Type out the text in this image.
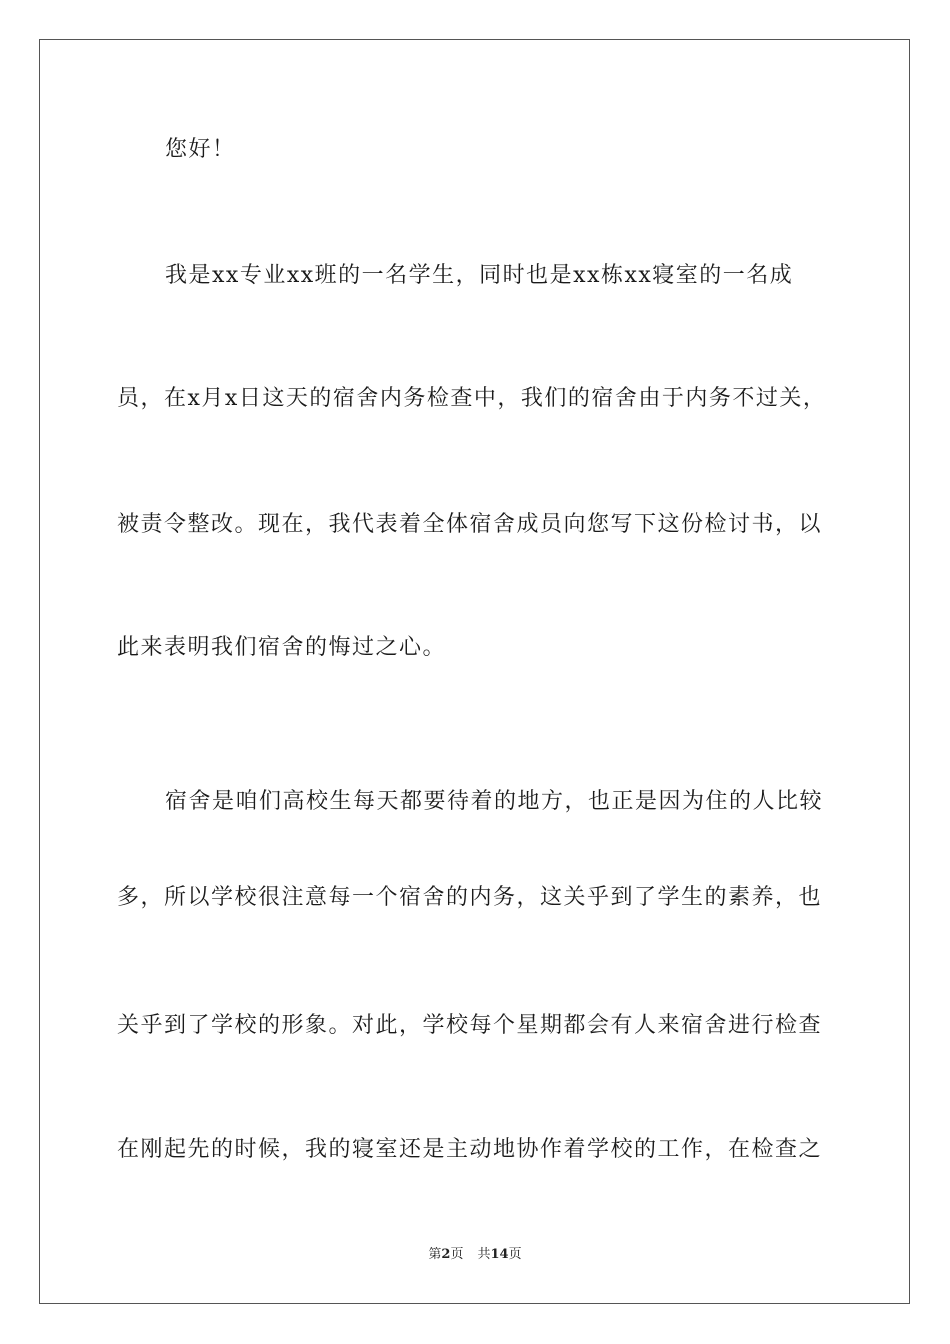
您好！
我是xx专业xx班的一名学生，同时也是xx栋xx寝室的一名成
员，在x月x日这天的宿舍内务检查中，我们的宿舍由于内务不过关，
被责令整改。现在，我代表着全体宿舍成员向您写下这份检讨书，以
此来表明我们宿舍的悔过之心。
宿舍是咱们高校生每天都要待着的地方，也正是因为住的人比较
多，所以学校很注意每一个宿舍的内务，这关乎到了学生的素养，也
关乎到了学校的形象。对此，学校每个星期都会有人来宿舍进行检查
在刚起先的时候，我的寝室还是主动地协作着学校的工作，在检查之
第2页 共14页
